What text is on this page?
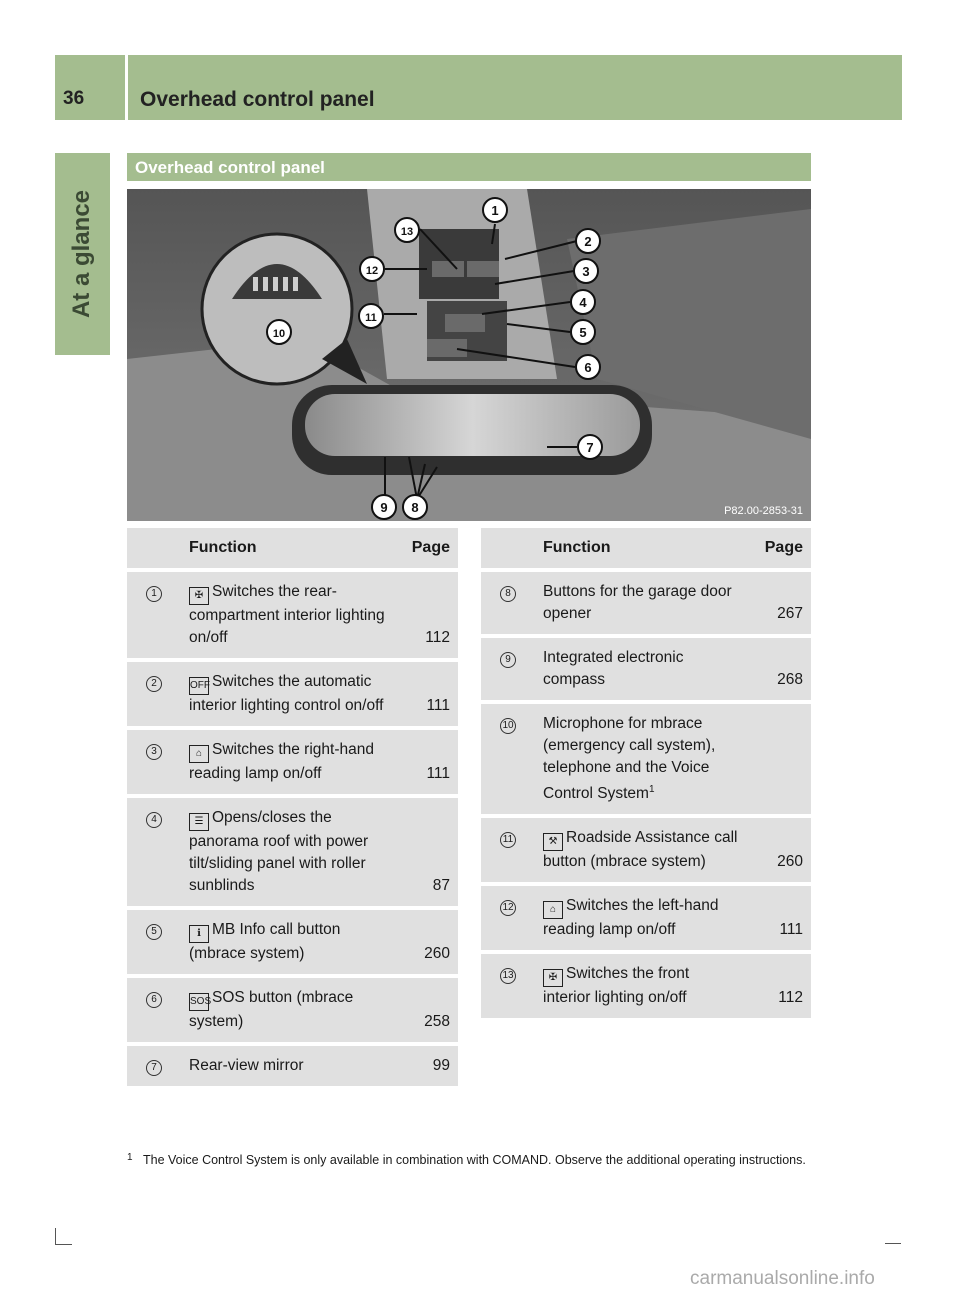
36	Overhead control panel
At a glance
Overhead control panel
1
2
3
4
5
6
7
8
9
10
11
12
13
P82.00-2853-31
	Function	Page
1	✠ Switches the rear-compartment interior lighting on/off	112
2	OFF Switches the automatic interior lighting control on/off	111
3	⌂ Switches the right-hand reading lamp on/off	111
4	☰ Opens/closes the panorama roof with power tilt/sliding panel with roller sunblinds	87
5	ℹ MB Info call button (mbrace system)	260
6	SOSSOS button (mbrace system)	258
7	Rear-view mirror	99
	Function	Page
8	Buttons for the garage door opener	267
9	Integrated electronic compass	268
10	Microphone for mbrace (emergency call system), telephone and the Voice Control System$^1$	
11	⚒ Roadside Assistance call button (mbrace system)	260
12	⌂ Switches the left-hand reading lamp on/off	111
13	✠ Switches the front interior lighting on/off	112
1 The Voice Control System is only available in combination with COMAND. Observe the additional operating instructions.
carmanualsonline.info
